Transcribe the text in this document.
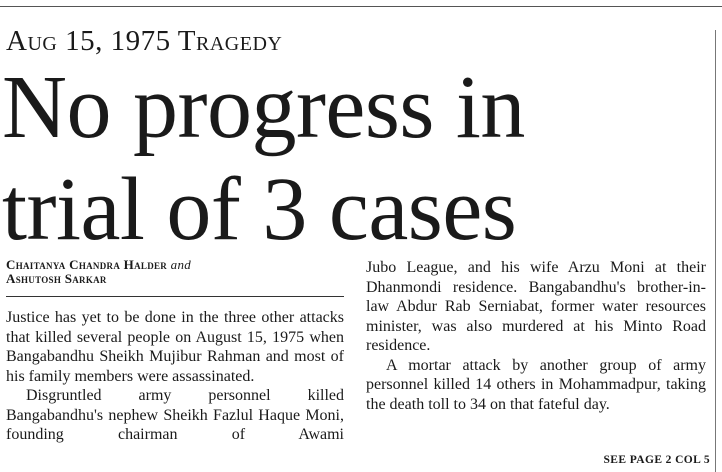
Aug 15, 1975 Tragedy
No progress in
trial of 3 cases
Chaitanya Chandra Halder and
Ashutosh Sarkar

Justice has yet to be done in the three other attacks that killed several people on August 15, 1975 when Bangabandhu Sheikh Mujibur Rahman and most of his family members were assassinated.

Disgruntled army personnel killed Bangabandhu's nephew Sheikh Fazlul Haque Moni, founding chairman of Awami

Jubo League, and his wife Arzu Moni at their Dhanmondi residence. Bangabandhu's brother-in-law Abdur Rab Serniabat, former water resources minister, was also murdered at his Minto Road residence.

A mortar attack by another group of army personnel killed 14 others in Mohammadpur, taking the death toll to 34 on that fateful day.

SEE PAGE 2 COL 5
